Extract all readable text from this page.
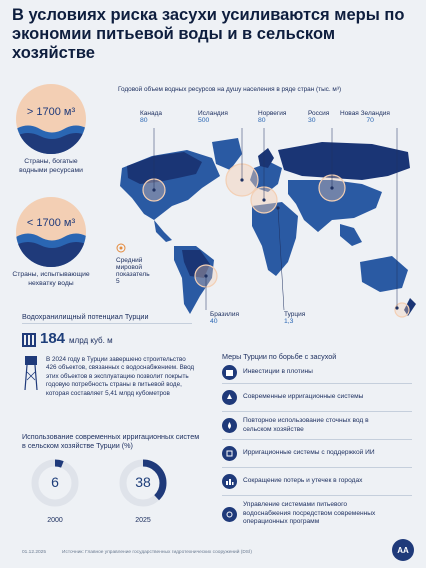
В условиях риска засухи усиливаются меры по экономии питьевой воды и в сельском хозяйстве
> 1700 м³
Страны, богатые водными ресурсами
< 1700 м³
Страны, испытывающие нехватку воды
Годовой объем водных ресурсов на душу населения в ряде стран (тыс. м³)
Канада
80
Исландия
500
Норвегия
80
Россия
30
Новая Зеландия
70
Бразилия
40
Турция
1,3
Средний
мировой
показатель
5
Водохранилищный потенциал Турции
184 млрд куб. м
В 2024 году в Турции завершено строительство 426 объектов, связанных с водоснабжением. Ввод этих объектов в эксплуатацию позволит покрыть годовую потребность страны в питьевой воде, которая составляет 5,41 млрд кубометров
Использование современных ирригационных систем в сельском хозяйстве Турции (%)
6
2000
38
2025
Меры Турции по борьбе с засухой
Инвестиции в плотины
Современные ирригационные системы
Повторное использование сточных вод в сельском хозяйстве
Ирригационные системы с поддержкой ИИ
Сокращение потерь и утечек в городах
Управление системами питьевого водоснабжения посредством современных операционных программ
01.12.2025	Источник: Главное управление государственных гидротехнических сооружений (DSİ)	AA
